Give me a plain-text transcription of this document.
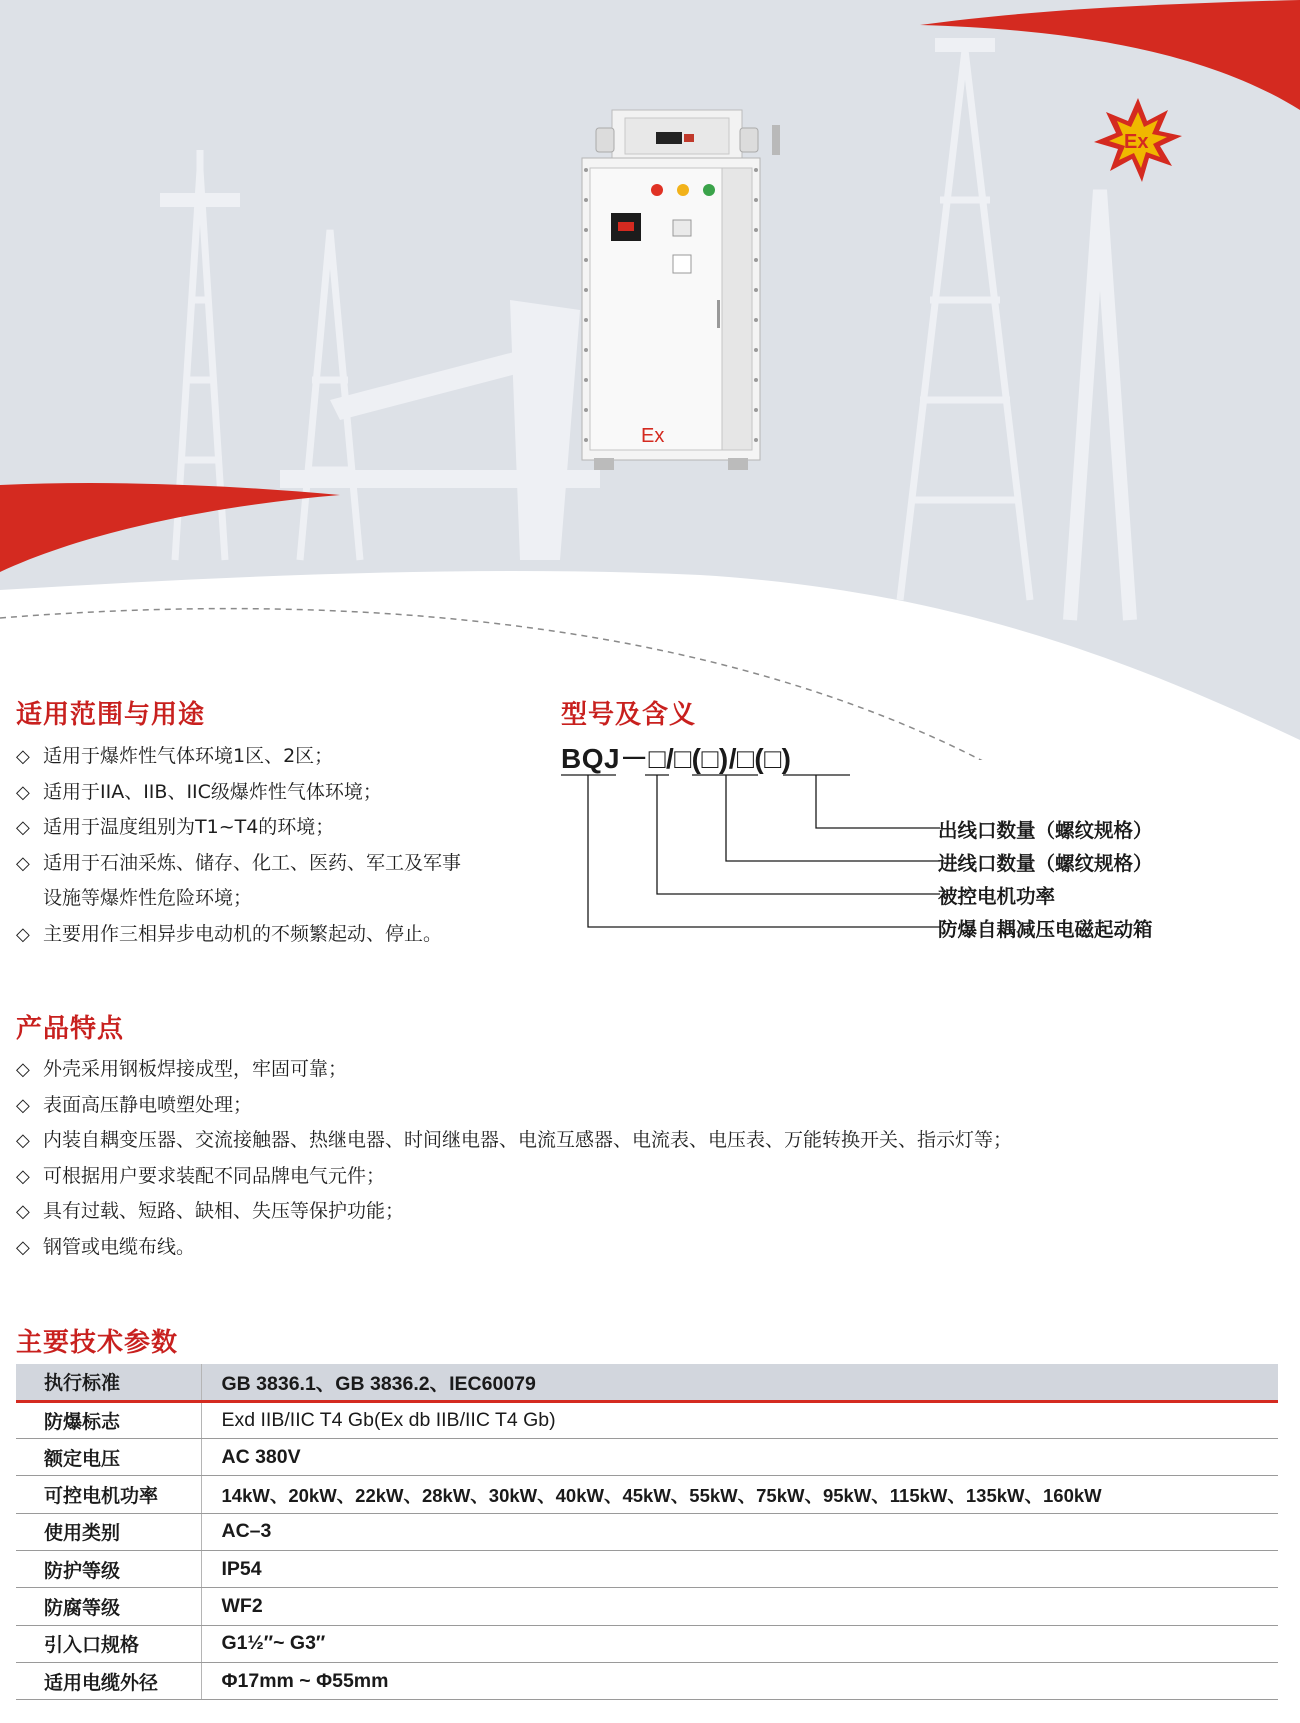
Ex
Ex
适用范围与用途
◇ 适用于爆炸性气体环境1区、2区；
◇ 适用于IIA、IIB、IIC级爆炸性气体环境；
◇ 适用于温度组别为T1~T4的环境；
◇ 适用于石油采炼、储存、化工、医药、军工及军事
设施等爆炸性危险环境；
◇ 主要用作三相异步电动机的不频繁起动、停止。
型号及含义
BQJ－□/□(□)/□(□)
出线口数量（螺纹规格）
进线口数量（螺纹规格）
被控电机功率
防爆自耦减压电磁起动箱
产品特点
◇ 外壳采用钢板焊接成型，牢固可靠；
◇ 表面高压静电喷塑处理；
◇ 内装自耦变压器、交流接触器、热继电器、时间继电器、电流互感器、电流表、电压表、万能转换开关、指示灯等；
◇ 可根据用户要求装配不同品牌电气元件；
◇ 具有过载、短路、缺相、失压等保护功能；
◇ 钢管或电缆布线。
主要技术参数
执行标准	GB 3836.1、GB 3836.2、IEC60079
防爆标志	Exd IIB/IIC T4 Gb(Ex db IIB/IIC T4 Gb)
额定电压	AC 380V
可控电机功率	14kW、20kW、22kW、28kW、30kW、40kW、45kW、55kW、75kW、95kW、115kW、135kW、160kW
使用类别	AC–3
防护等级	IP54
防腐等级	WF2
引入口规格	G1½″~ G3″
适用电缆外径	Φ17mm ~ Φ55mm
